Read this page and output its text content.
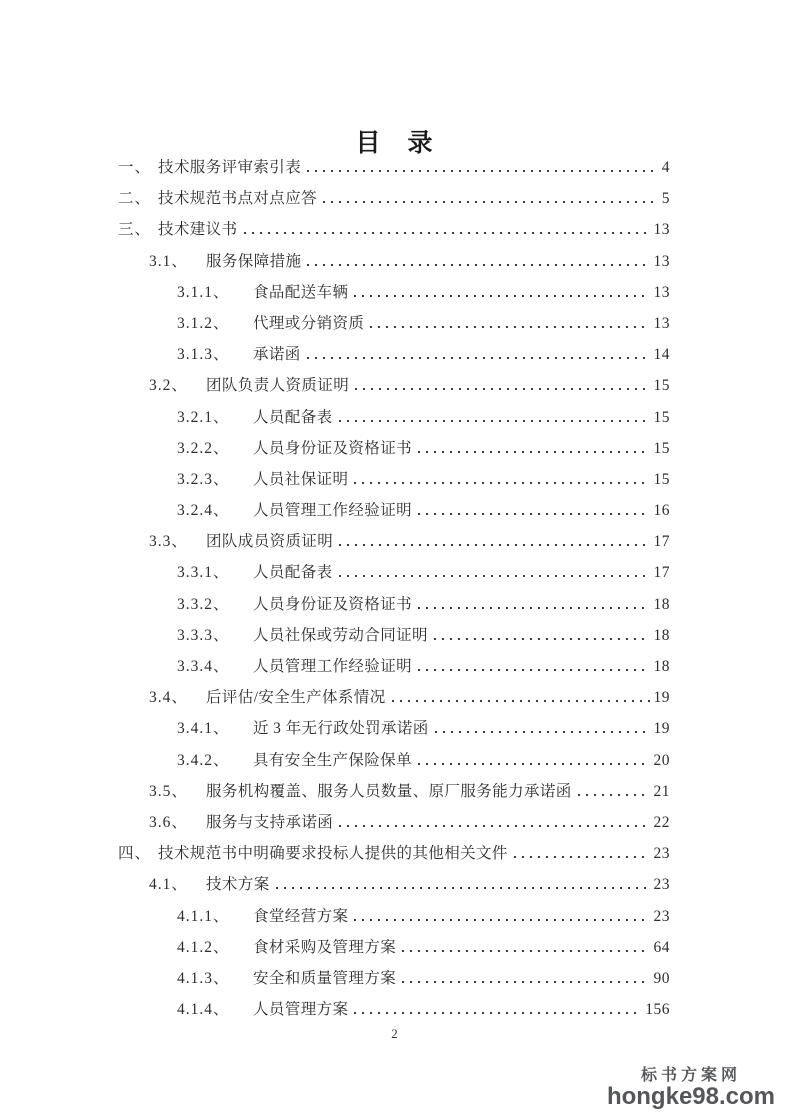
目　录
一、 技术服务评审索引表	4
二、 技术规范书点对点应答	5
三、 技术建议书	13
3.1、	服务保障措施	13
3.1.1、	食品配送车辆	13
3.1.2、	代理或分销资质	13
3.1.3、	承诺函	14
3.2、	团队负责人资质证明	15
3.2.1、	人员配备表	15
3.2.2、	人员身份证及资格证书	15
3.2.3、	人员社保证明	15
3.2.4、	人员管理工作经验证明	16
3.3、	团队成员资质证明	17
3.3.1、	人员配备表	17
3.3.2、	人员身份证及资格证书	18
3.3.3、	人员社保或劳动合同证明	18
3.3.4、	人员管理工作经验证明	18
3.4、	后评估/安全生产体系情况	19
3.4.1、	近 3 年无行政处罚承诺函	19
3.4.2、	具有安全生产保险保单	20
3.5、	服务机构覆盖、服务人员数量、原厂服务能力承诺函	21
3.6、	服务与支持承诺函	22
四、 技术规范书中明确要求投标人提供的其他相关文件	23
4.1、	技术方案	23
4.1.1、	食堂经营方案	23
4.1.2、	食材采购及管理方案	64
4.1.3、	安全和质量管理方案	90
4.1.4、	人员管理方案	156
2
标书方案网
hongke98.com
